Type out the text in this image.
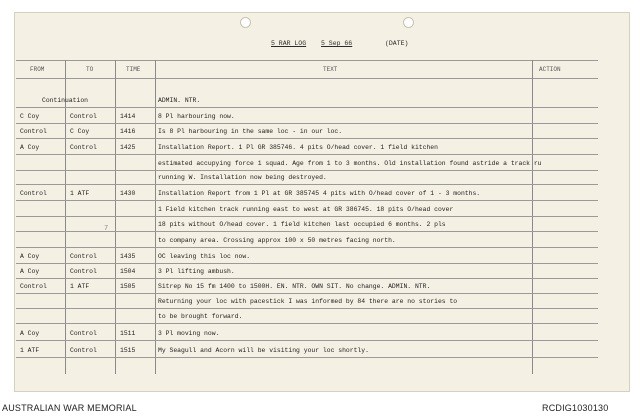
5 RAR LOG 5 Sep 66	(DATE)
FROM	TO	TIME	TEXT	ACTION
Continuation	ADMIN. NTR.
C Coy	Control	1414	8 Pl harbouring now.
Control	C Coy	1416	Is 8 Pl harbouring in the same loc - in our loc.
A Coy	Control	1425	Installation Report. 1 Pl GR 385746. 4 pits O/head cover. 1 field kitchen
estimated accupying force 1 squad. Age from 1 to 3 months. Old installation found astride a track ru
running W. Installation now being destroyed.
Control	1 ATF	1430	Installation Report from 1 Pl at GR 385745 4 pits with O/head cover of 1 - 3 months.
1 Field kitchen track running east to west at GR 386745. 18 pits O/head cover
18 pits without O/head cover. 1 field kitchen last occupied 6 months. 2 pls
to company area. Crossing approx 100 x 50 metres facing north.
A Coy	Control	1435	OC leaving this loc now.
A Coy	Control	1504	3 Pl lifting ambush.
Control	1 ATF	1505	Sitrep No 15 fm 1400 to 1500H. EN. NTR. OWN SIT. No change. ADMIN. NTR.
Returning your loc with pacestick I was informed by 84 there are no stories to
to be brought forward.
A Coy	Control	1511	3 Pl moving now.
1 ATF	Control	1515	My Seagull and Acorn will be visiting your loc shortly.
7
AUSTRALIAN WAR MEMORIAL	RCDIG1030130
